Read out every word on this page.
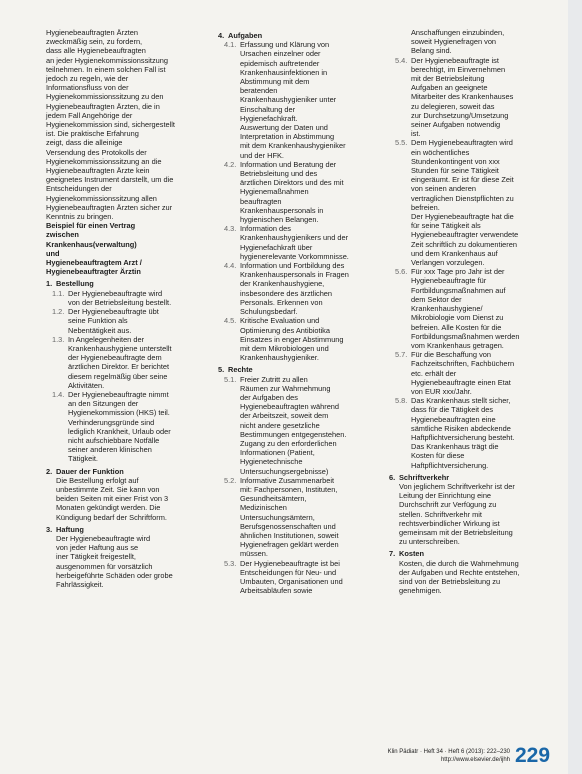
Hygienebeauftragten Ärzten

zweckmäßig sein, zu fordern,

dass alle Hygienebeauftragten

an jeder Hygienekommissionssitzung

teilnehmen. In einem solchen Fall ist

jedoch zu regeln, wie der

Informationsfluss von der

Hygienekommissionssitzung zu den

Hygienebeauftragten Ärzten, die in

jedem Fall Angehörige der

Hygienekommission sind, sichergestellt

ist. Die praktische Erfahrung

zeigt, dass die alleinige

Versendung des Protokolls der

Hygienekommissionssitzung an die

Hygienebeauftragten Ärzte kein

geeignetes Instrument darstellt, um die

Entscheidungen der

Hygienekommissionssitzung allen

Hygienebeauftragten Ärzten sicher zur

Kenntnis zu bringen.

Beispiel für einen Vertrag

zwischen

Krankenhaus(verwaltung)

und

Hygienebeauftragtem Arzt /

Hygienebeauftragter Ärztin

1. Bestellung
1.1. Der Hygienebeauftragte wird

von der Betriebsleitung bestellt.

1.2. Der Hygienebeauftragte übt

seine Funktion als

Nebentätigkeit aus.

1.3. In Angelegenheiten der

Krankenhaushygiene unterstellt

der Hygienebeauftragte dem

ärztlichen Direktor. Er berichtet

diesem regelmäßig über seine

Aktivitäten.

1.4. Der Hygienebeauftragte nimmt

an den Sitzungen der

Hygienekommission (HKS) teil.

Verhinderungsgründe sind

lediglich Krankheit, Urlaub oder

nicht aufschiebbare Notfälle

seiner anderen klinischen

Tätigkeit.

2. Dauer der Funktion

Die Bestellung erfolgt auf

unbestimmte Zeit. Sie kann von

beiden Seiten mit einer Frist von 3

Monaten gekündigt werden. Die

Kündigung bedarf der Schriftform.

3. Haftung

Der Hygienebeauftragte wird

von jeder Haftung aus se

iner Tätigkeit freigestellt,

ausgenommen für vorsätzlich

herbeigeführte Schäden oder grobe

Fahrlässigkeit.

4. Aufgaben
4.1. Erfassung und Klärung von

Ursachen einzelner oder

epidemisch auftretender

Krankenhausinfektionen in

Abstimmung mit dem

beratenden

Krankenhaushygieniker unter

Einschaltung der

Hygienefachkraft.

Auswertung der Daten und

Interpretation in Abstimmung

mit dem Krankenhaushygieniker

und der HFK.

4.2. Information und Beratung der

Betriebsleitung und des

ärztlichen Direktors und des mit

Hygienemaßnahmen

beauftragten

Krankenhauspersonals in

hygienischen Belangen.

4.3. Information des

Krankenhaushygienikers und der

Hygienefachkraft über

hygienerelevante Vorkommnisse.

4.4. Information und Fortbildung des

Krankenhauspersonals in Fragen

der Krankenhaushygiene,

insbesondere des ärztlichen

Personals. Erkennen von

Schulungsbedarf.

4.5. Kritische Evaluation und

Optimierung des Antibiotika

Einsatzes in enger Abstimmung

mit dem Mikrobiologen und

Krankenhaushygieniker.

5. Rechte
5.1. Freier Zutritt zu allen

Räumen zur Wahrnehmung

der Aufgaben des

Hygienebeauftragten während

der Arbeitszeit, soweit dem

nicht andere gesetzliche

Bestimmungen entgegenstehen.

Zugang zu den erforderlichen

Informationen (Patient,

Hygienetechnische

Untersuchungsergebnisse)

5.2. Informative Zusammenarbeit

mit: Fachpersonen, Instituten,

Gesundheitsämtern,

Medizinischen

Untersuchungsämtern,

Berufsgenossenschaften und

ähnlichen Institutionen, soweit

Hygienefragen geklärt werden

müssen.

5.3. Der Hygienebeauftragte ist bei

Entscheidungen für Neu- und

Umbauten, Organisationen und

Arbeitsabläufen sowie

Anschaffungen einzubinden,

soweit Hygienefragen von

Belang sind.

5.4. Der Hygienebeauftragte ist

berechtigt, im Einvernehmen

mit der Betriebsleitung

Aufgaben an geeignete

Mitarbeiter des Krankenhauses

zu delegieren, soweit das

zur Durchsetzung/Umsetzung

seiner Aufgaben notwendig

ist.

5.5. Dem Hygienebeauftragten wird

ein wöchentliches

Stundenkontingent von xxx

Stunden für seine Tätigkeit

eingeräumt. Er ist für diese Zeit

von seinen anderen

vertraglichen Dienstpflichten zu

befreien.

Der Hygienebeauftragte hat die

für seine Tätigkeit als

Hygienebeauftragter verwendete

Zeit schriftlich zu dokumentieren

und dem Krankenhaus auf

Verlangen vorzulegen.

5.6. Für xxx Tage pro Jahr ist der

Hygienebeauftragte für

Fortbildungsmaßnahmen auf

dem Sektor der

Krankenhaushygiene/

Mikrobiologie vom Dienst zu

befreien. Alle Kosten für die

Fortbildungsmaßnahmen werden

vom Krankenhaus getragen.

5.7. Für die Beschaffung von

Fachzeitschriften, Fachbüchern

etc. erhält der

Hygienebeauftragte einen Etat

von EUR xxx/Jahr.

5.8. Das Krankenhaus stellt sicher,

dass für die Tätigkeit des

Hygienebeauftragten eine

sämtliche Risiken abdeckende

Haftpflichtversicherung besteht.

Das Krankenhaus trägt die

Kosten für diese

Haftpflichtversicherung.

6. Schriftverkehr

Von jeglichem Schriftverkehr ist der

Leitung der Einrichtung eine

Durchschrift zur Verfügung zu

stellen. Schriftverkehr mit

rechtsverbindlicher Wirkung ist

gemeinsam mit der Betriebsleitung

zu unterschreiben.

7. Kosten

Kosten, die durch die Wahrnehmung

der Aufgaben und Rechte entstehen,

sind von der Betriebsleitung zu

genehmigen.

Klin Pädiatr · Heft 34 · Heft 6 (2013): 222–230
http://www.elsevier.de/ijhh 229
